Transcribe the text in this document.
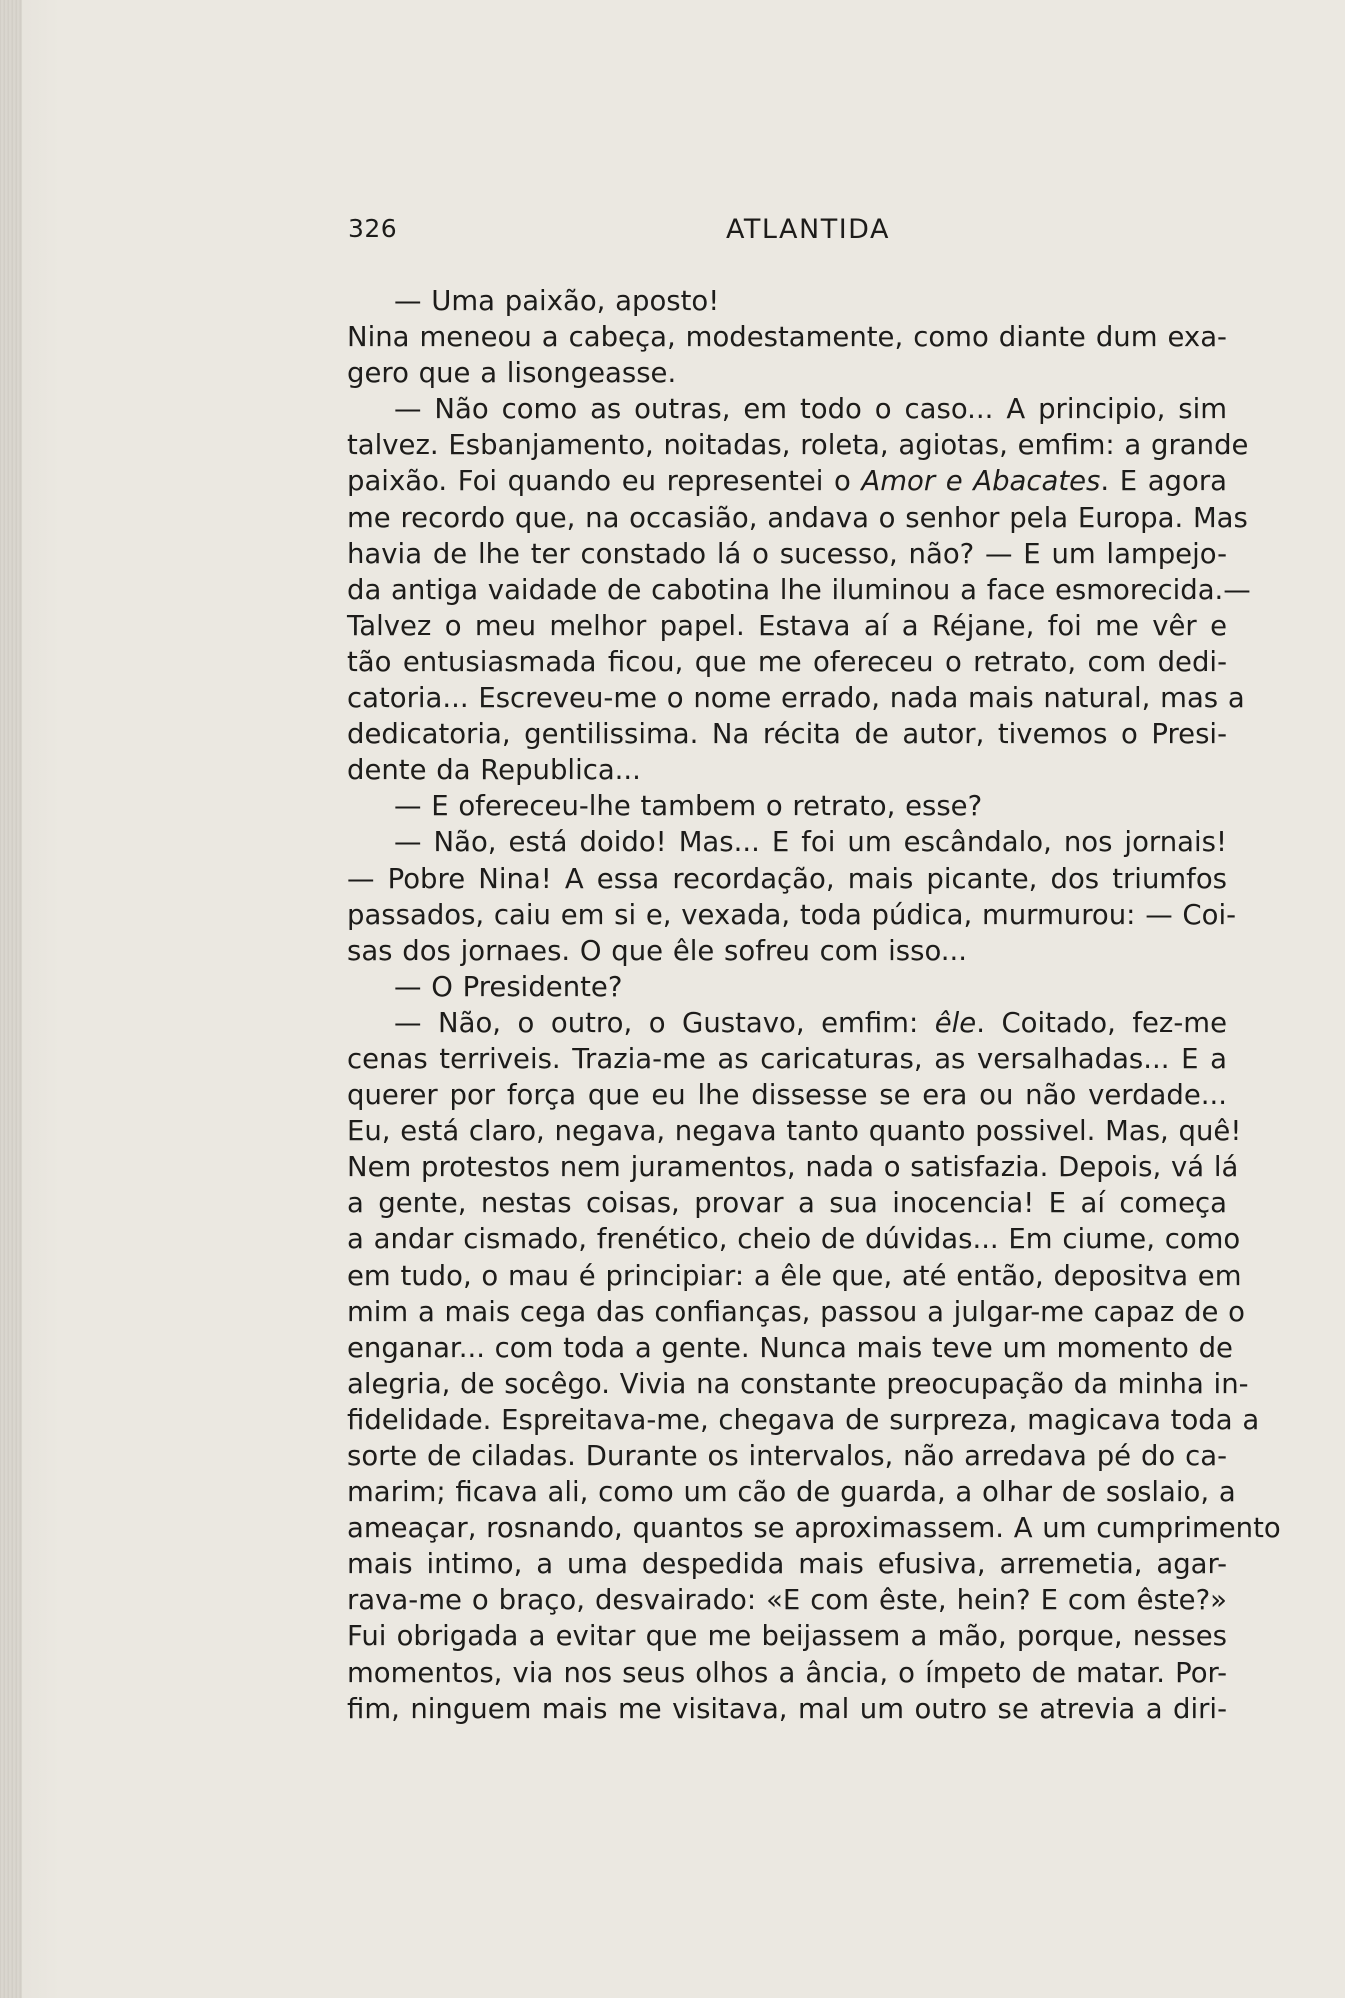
326	ATLANTIDA
— Uma paixão, aposto!
Nina meneou a cabeça, modestamente, como diante dum exa-
gero que a lisongeasse.
— Não como as outras, em todo o caso... A principio, sim
talvez. Esbanjamento, noitadas, roleta, agiotas, emfim: a grande
paixão. Foi quando eu representei o Amor e Abacates. E agora
me recordo que, na occasião, andava o senhor pela Europa. Mas
havia de lhe ter constado lá o sucesso, não? — E um lampejo-
da antiga vaidade de cabotina lhe iluminou a face esmorecida.—
Talvez o meu melhor papel. Estava aí a Réjane, foi me vêr e
tão entusiasmada ficou, que me ofereceu o retrato, com dedi-
catoria... Escreveu-me o nome errado, nada mais natural, mas a
dedicatoria, gentilissima. Na récita de autor, tivemos o Presi-
dente da Republica...
— E ofereceu-lhe tambem o retrato, esse?
— Não, está doido! Mas... E foi um escândalo, nos jornais!
— Pobre Nina! A essa recordação, mais picante, dos triumfos
passados, caiu em si e, vexada, toda púdica, murmurou: — Coi-
sas dos jornaes. O que êle sofreu com isso...
— O Presidente?
— Não, o outro, o Gustavo, emfim: êle. Coitado, fez-me
cenas terriveis. Trazia-me as caricaturas, as versalhadas... E a
querer por força que eu lhe dissesse se era ou não verdade...
Eu, está claro, negava, negava tanto quanto possivel. Mas, quê!
Nem protestos nem juramentos, nada o satisfazia. Depois, vá lá
a gente, nestas coisas, provar a sua inocencia! E aí começa
a andar cismado, frenético, cheio de dúvidas... Em ciume, como
em tudo, o mau é principiar: a êle que, até então, depositva em
mim a mais cega das confianças, passou a julgar-me capaz de o
enganar... com toda a gente. Nunca mais teve um momento de
alegria, de socêgo. Vivia na constante preocupação da minha in-
fidelidade. Espreitava-me, chegava de surpreza, magicava toda a
sorte de ciladas. Durante os intervalos, não arredava pé do ca-
marim; ficava ali, como um cão de guarda, a olhar de soslaio, a
ameaçar, rosnando, quantos se aproximassem. A um cumprimento
mais intimo, a uma despedida mais efusiva, arremetia, agar-
rava-me o braço, desvairado: «E com êste, hein? E com êste?»
Fui obrigada a evitar que me beijassem a mão, porque, nesses
momentos, via nos seus olhos a ância, o ímpeto de matar. Por-
fim, ninguem mais me visitava, mal um outro se atrevia a diri-
